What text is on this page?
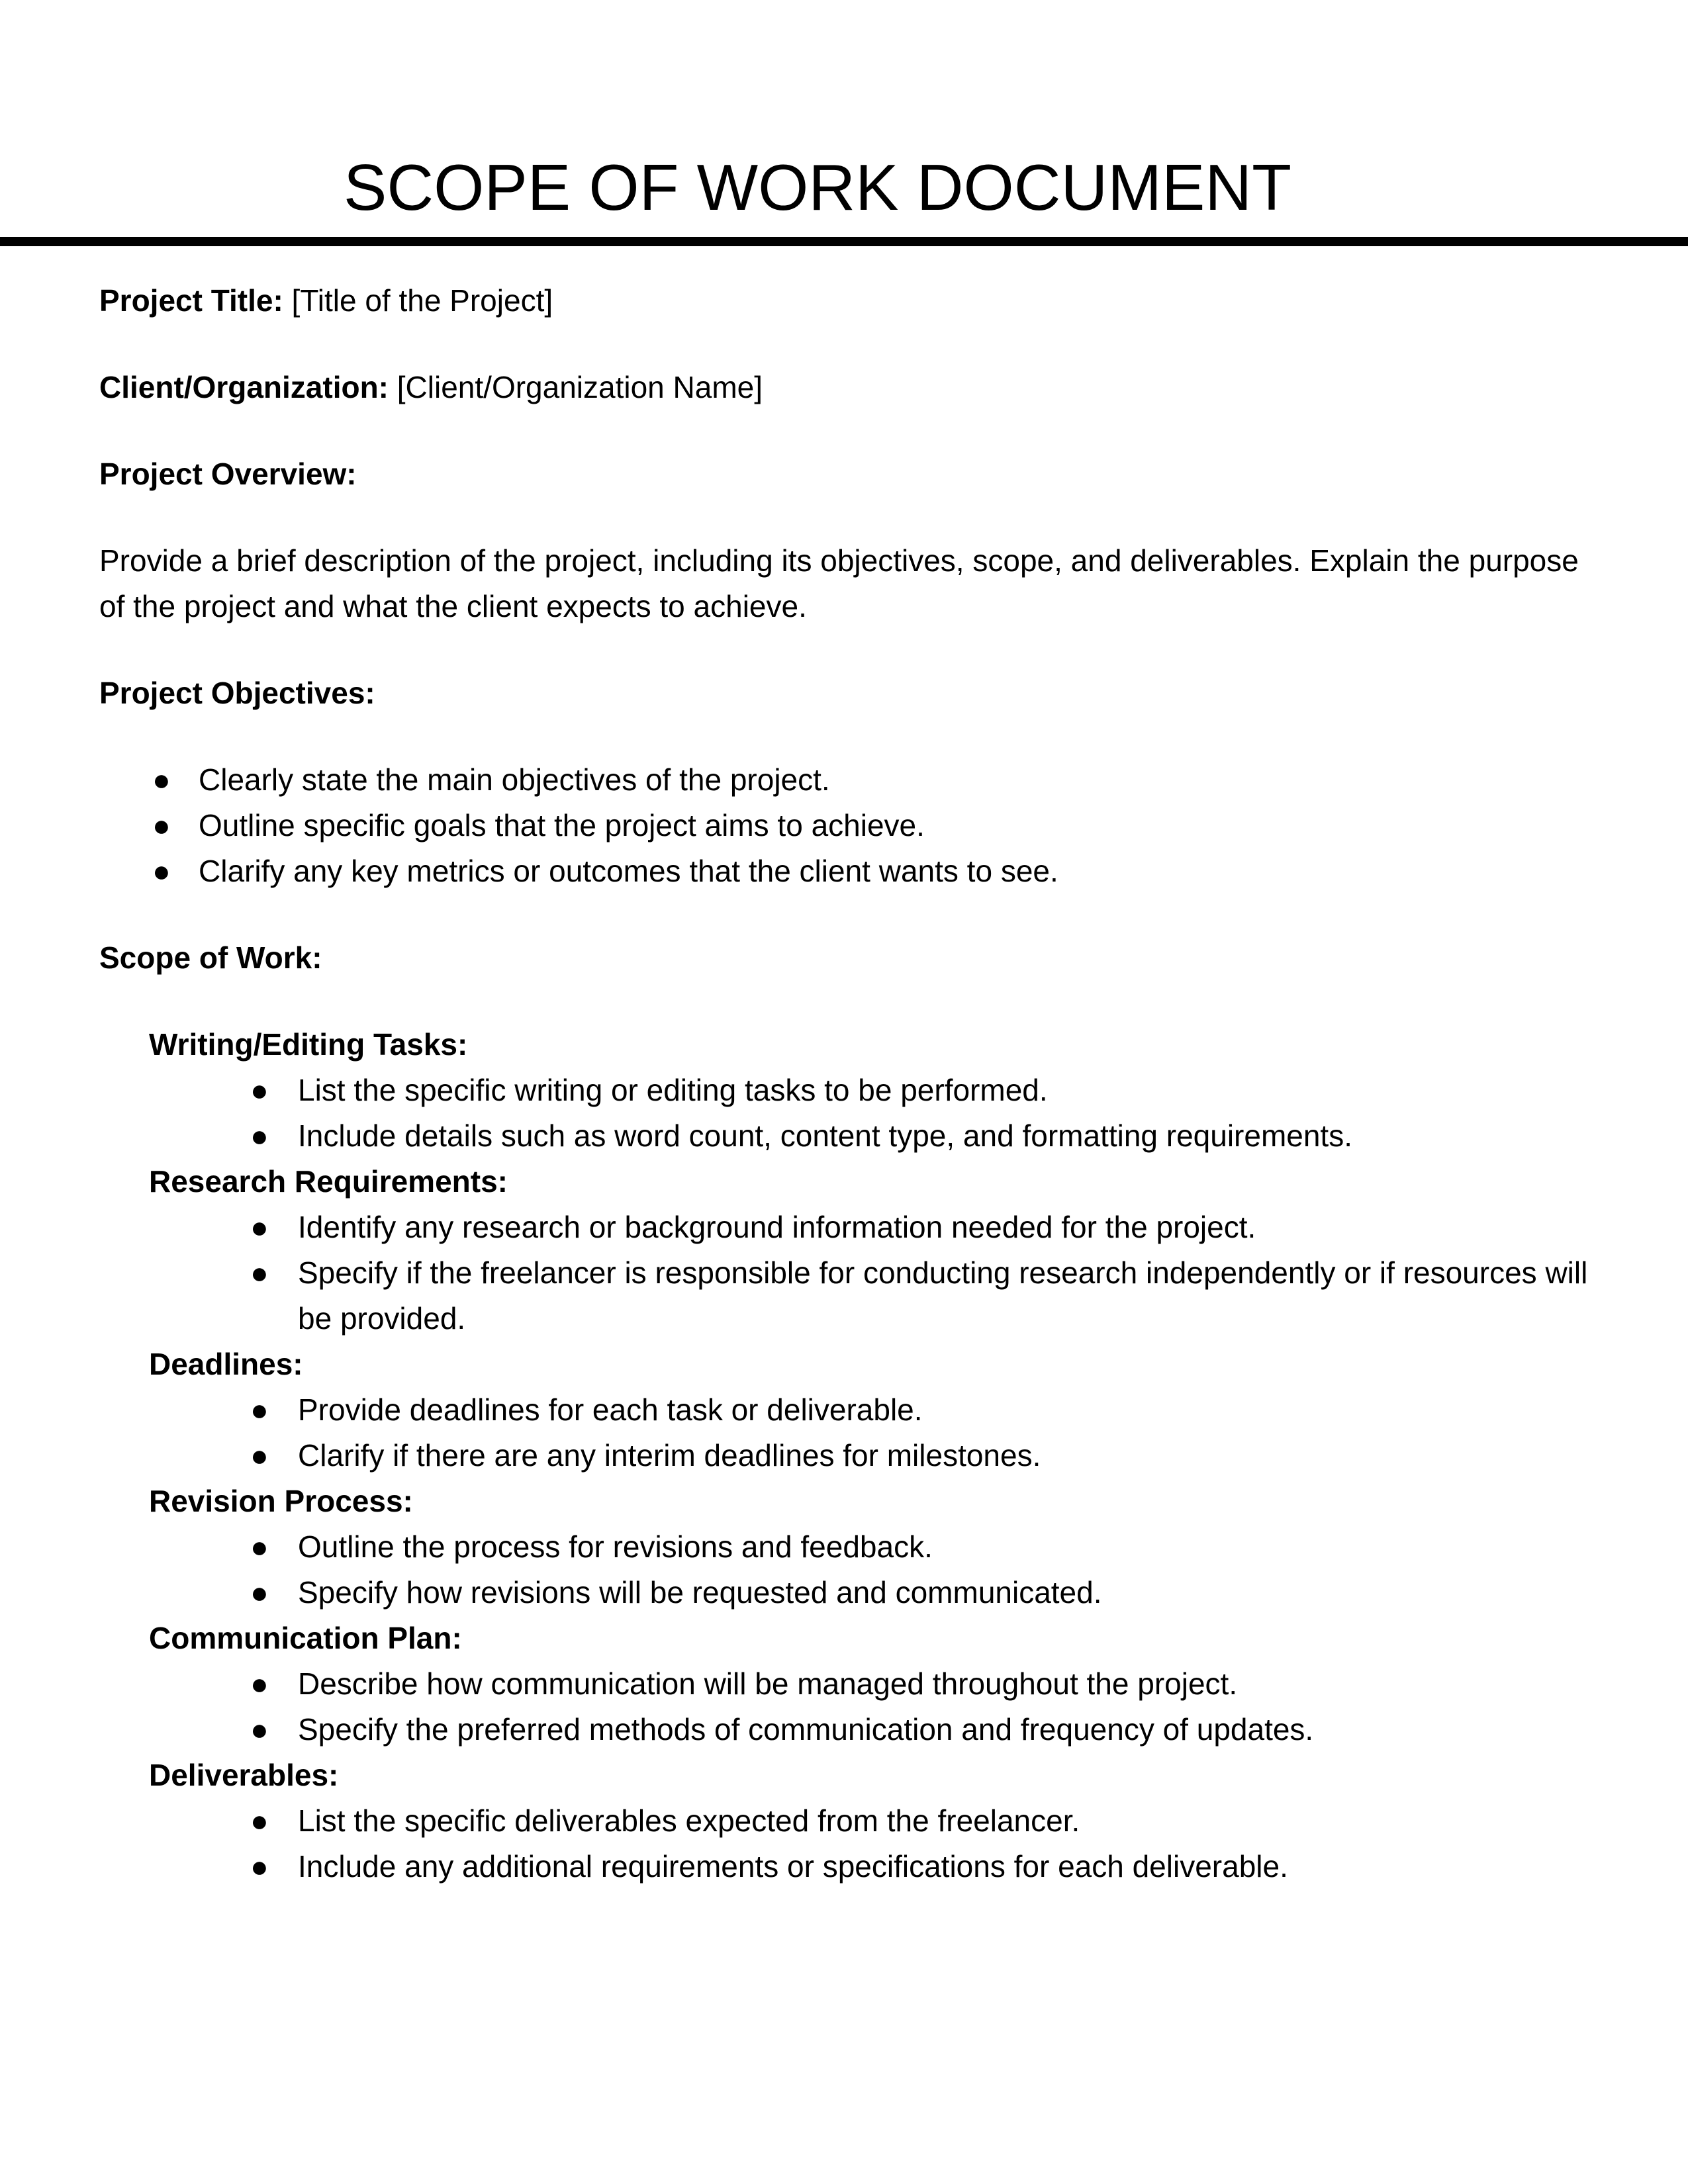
SCOPE OF WORK DOCUMENT

Project Title: [Title of the Project]

Client/Organization: [Client/Organization Name]

Project Overview:

Provide a brief description of the project, including its objectives, scope, and deliverables. Explain the purpose of the project and what the client expects to achieve.

Project Objectives:

● Clearly state the main objectives of the project.
● Outline specific goals that the project aims to achieve.
● Clarify any key metrics or outcomes that the client wants to see.

Scope of Work:

Writing/Editing Tasks:

● List the specific writing or editing tasks to be performed.
● Include details such as word count, content type, and formatting requirements.

Research Requirements:

● Identify any research or background information needed for the project.
● Specify if the freelancer is responsible for conducting research independently or if resources will be provided.

Deadlines:

● Provide deadlines for each task or deliverable.
● Clarify if there are any interim deadlines for milestones.

Revision Process:

● Outline the process for revisions and feedback.
● Specify how revisions will be requested and communicated.

Communication Plan:

● Describe how communication will be managed throughout the project.
● Specify the preferred methods of communication and frequency of updates.

Deliverables:

● List the specific deliverables expected from the freelancer.
● Include any additional requirements or specifications for each deliverable.
